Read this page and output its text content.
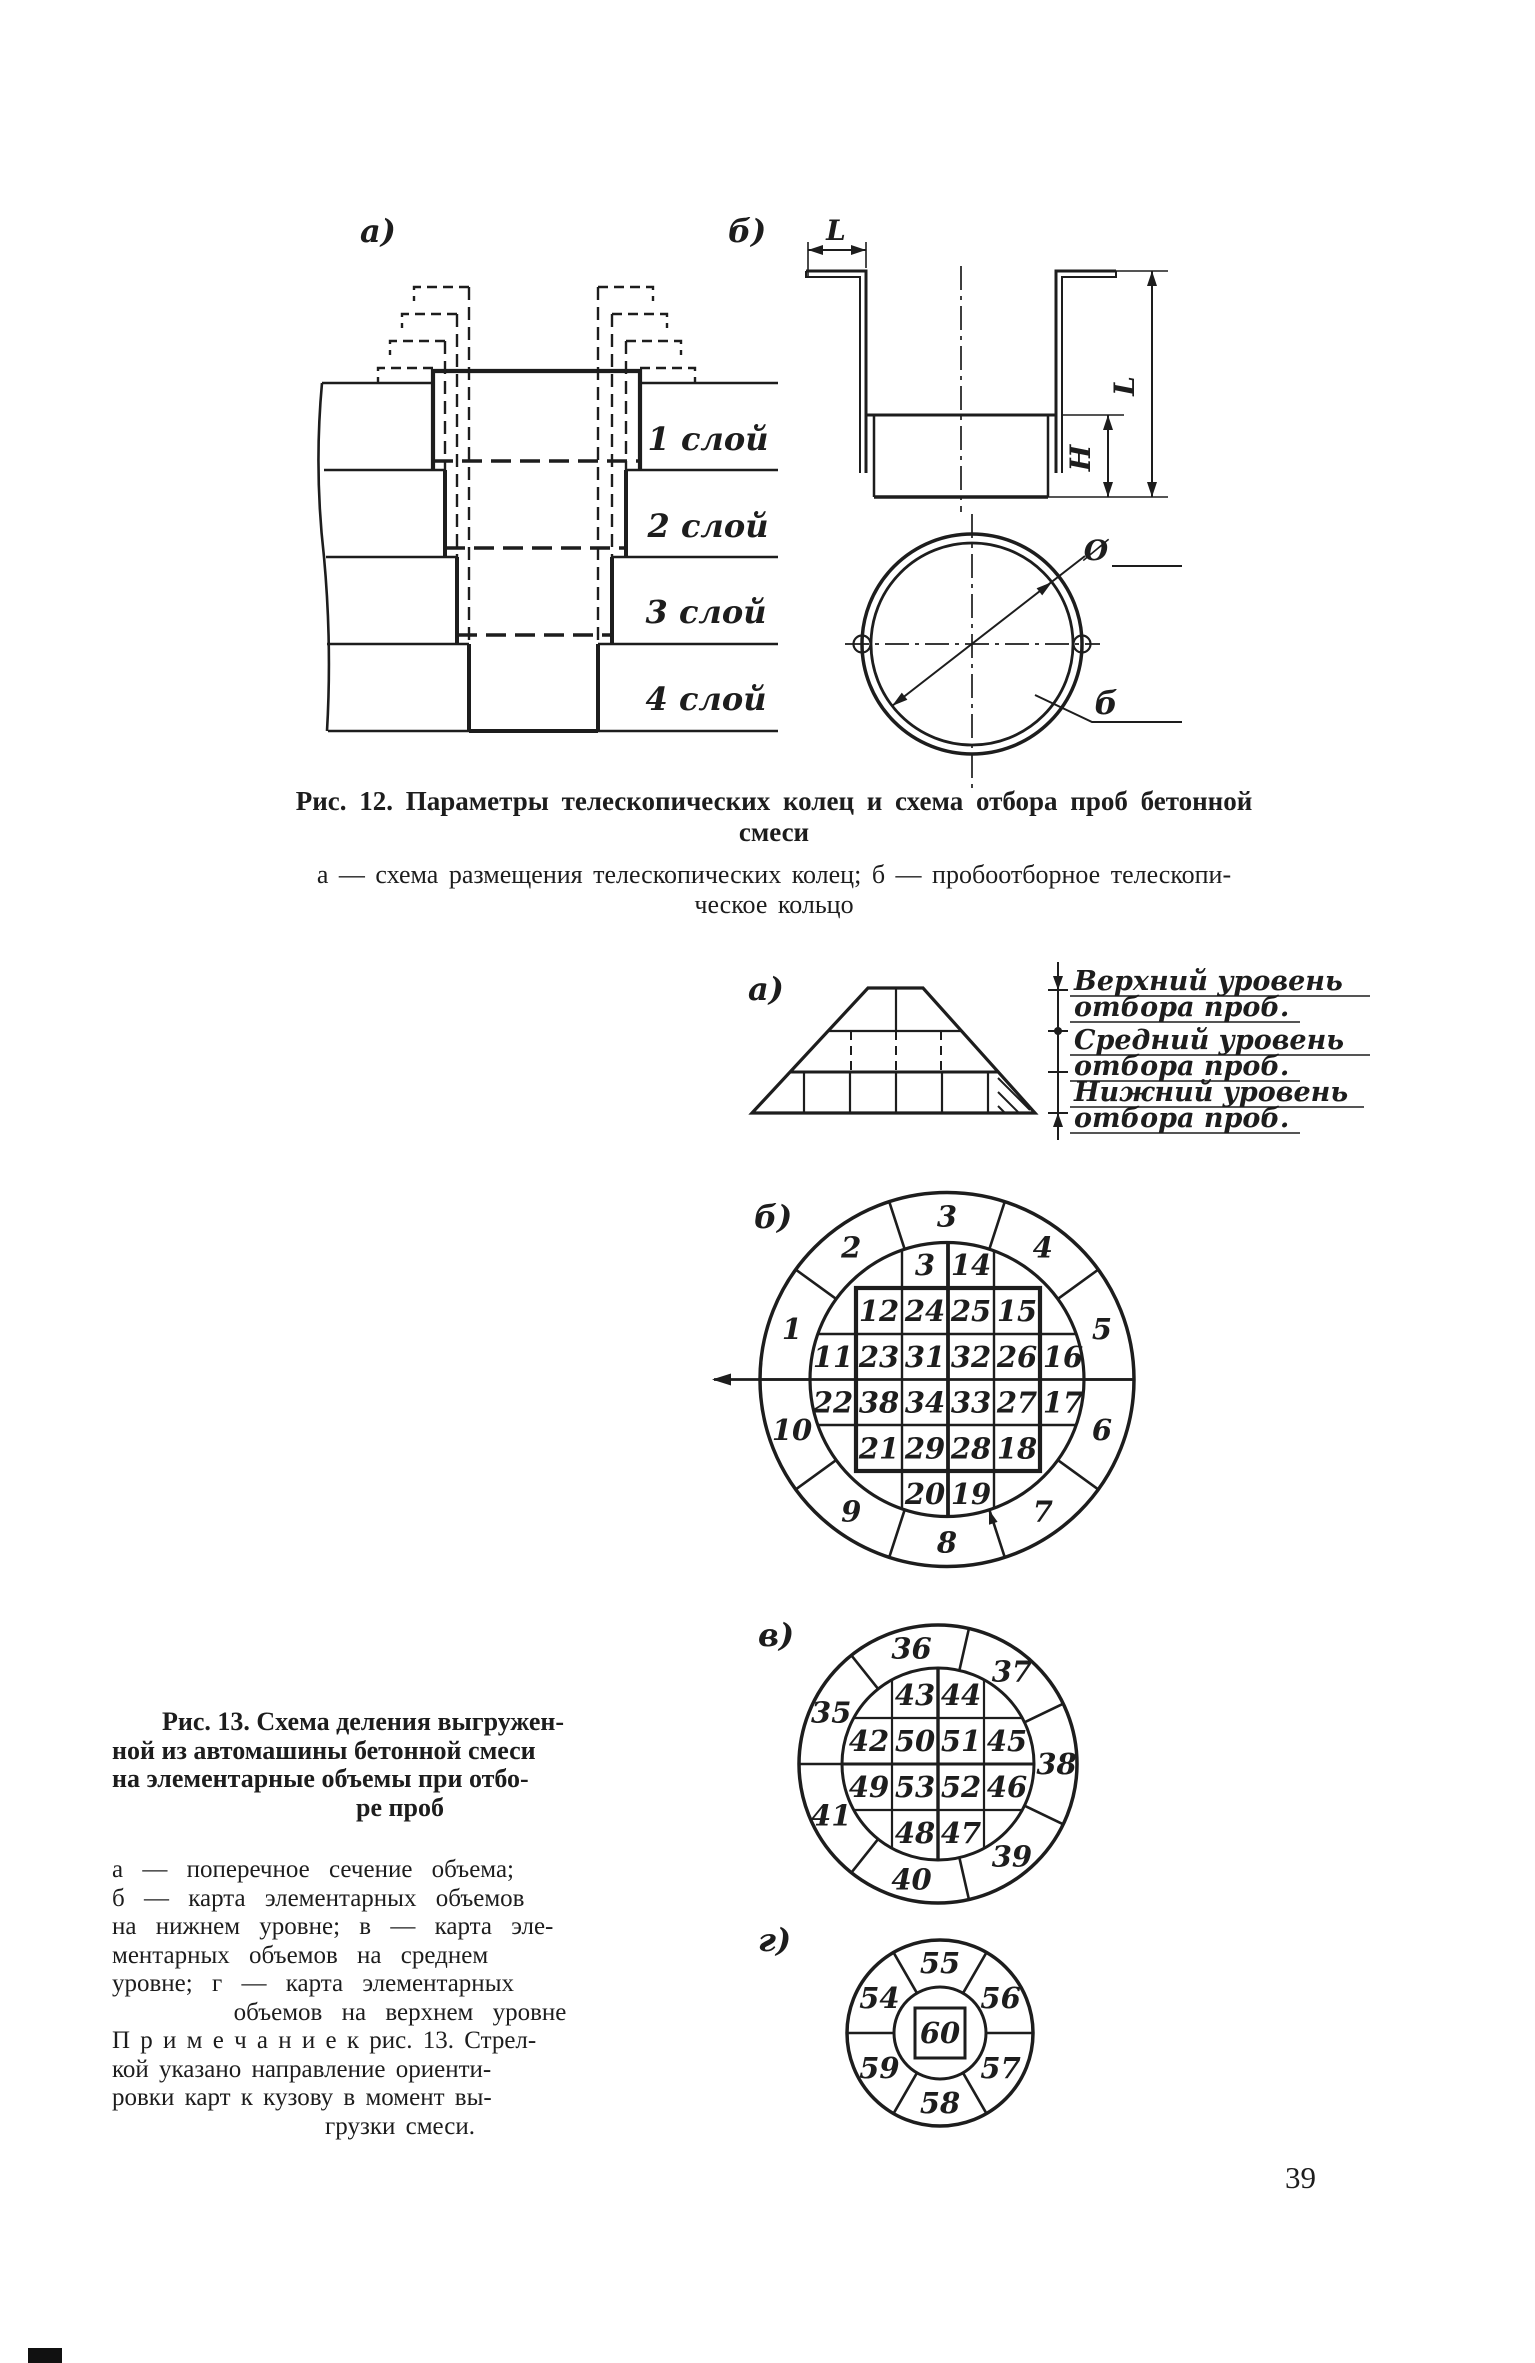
а)
1 слой
2 слой
3 слой
4 слой
б) L
H
L
Ø
б
а)	Верхний уровень
отбора проб.
Средний уровень
отбора проб.
Нижний уровень
отбора проб.
б)
1
2
3
4
5
6
7
8
9
10
3 14
12 24 25 15
11 23 31 32 26 16
22 38 34 33 27 17
21 29 28 18
20 19
в)
35
36
37
38
39
40
41
43 44
42 50 51 45
49 53 52 46
48 47
г)
60
54
55
56
57
58
59
Рис. 12. Параметры телескопических колец и схема отбора проб бетонной
смеси
а — схема размещения телескопических колец; б — пробоотборное телескопи-
ческое кольцо
Рис. 13. Схема деления выгружен-
ной из автомашины бетонной смеси
на элементарные объемы при отбо-
ре проб
а — поперечное сечение объема;
б — карта элементарных объемов
на нижнем уровне; в — карта эле-
ментарных объемов на среднем
уровне; г — карта элементарных
объемов на верхнем уровне
П р и м е ч а н и е к рис. 13. Стрел-
кой указано направление ориенти-
ровки карт к кузову в момент вы-
грузки смеси.
39
